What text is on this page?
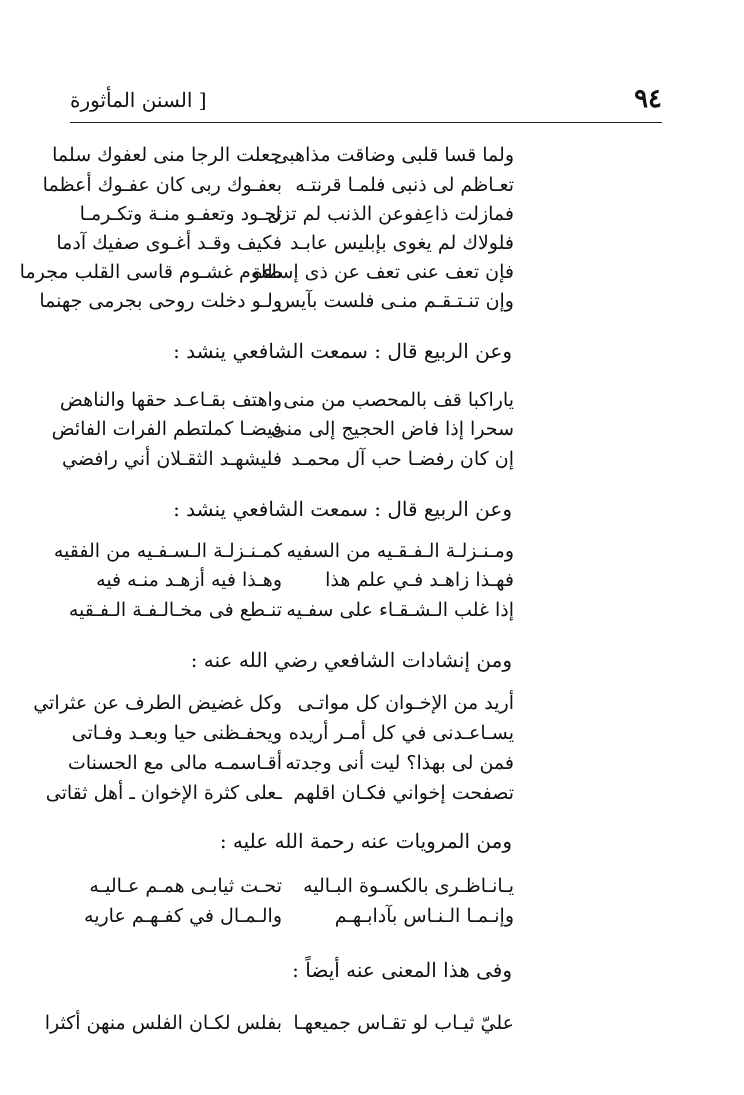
٩٤
[ السنن المأثورة
ولما قسا قلبى وضاقت مذاهبى
جعلت الرجا منى لعفوك سلما
تعـاظم لى ذنبى فلمـا قرنتـه
بعفـوك ربى كان عفـوك أعظما
فمازلت ذاعِفوعن الذنب لم تزل
تجـود وتعفـو منـة وتكـرمـا
فلولاك لم يغوى بإبليس عابـد
فكيف وقـد أغـوى صفيك آدما
فإن تعف عنى تعف عن ذى إساءة
ظلوم غشـوم قاسى القلب مجرما
وإن تنـتـقـم منـى فلست بآيس
ولـو دخلت روحى بجرمى جهنما
وعن الربيع قال : سمعت الشافعي ينشد :
ياراكبا قف بالمحصب من منى
واهتف بقـاعـد حقها والناهض
سحرا إذا فاض الحجيج إلى منى
فيضـا كملتطم الفرات الفائض
إن كان رفضـا حب آل محمـد
فليشهـد الثقـلان أني رافضي
وعن الربيع قال : سمعت الشافعي ينشد :
ومـنـزلـة الـفـقـيه من السفيه
كمـنـزلـة الـسـفـيه من الفقيه
فهـذا زاهـد فـي علم هذا
وهـذا فيه أزهـد منـه فيه
إذا غلب الـشـقـاء على سفـيه
تنـطع فى مخـالـفـة الـفـقيه
ومن إنشادات الشافعي رضي الله عنه :
أريد من الإخـوان كل مواتـى
وكل غضيض الطرف عن عثراتي
يسـاعـدنى في كل أمـر أريده
ويحفـظنى حيا وبعـد وفـاتى
فمن لى بهذا؟ ليت أنى وجدته
أقـاسمـه مالى مع الحسنات
تصفحت إخواني فكـان اقلهم
ـعلى كثرة الإخوان ـ أهل ثقاتى
ومن المرويات عنه رحمة الله عليه :
يـانـاظـرى بالكسـوة البـاليه
تحـت ثيابـى همـم عـاليـه
وإنـمـا الـنـاس بآدابـهـم
والـمـال في كفـهـم عاريه
وفى هذا المعنى عنه أيضاً :
عليّ ثيـاب لو تقـاس جميعهـا
بفلس لكـان الفلس منهن أكثرا
